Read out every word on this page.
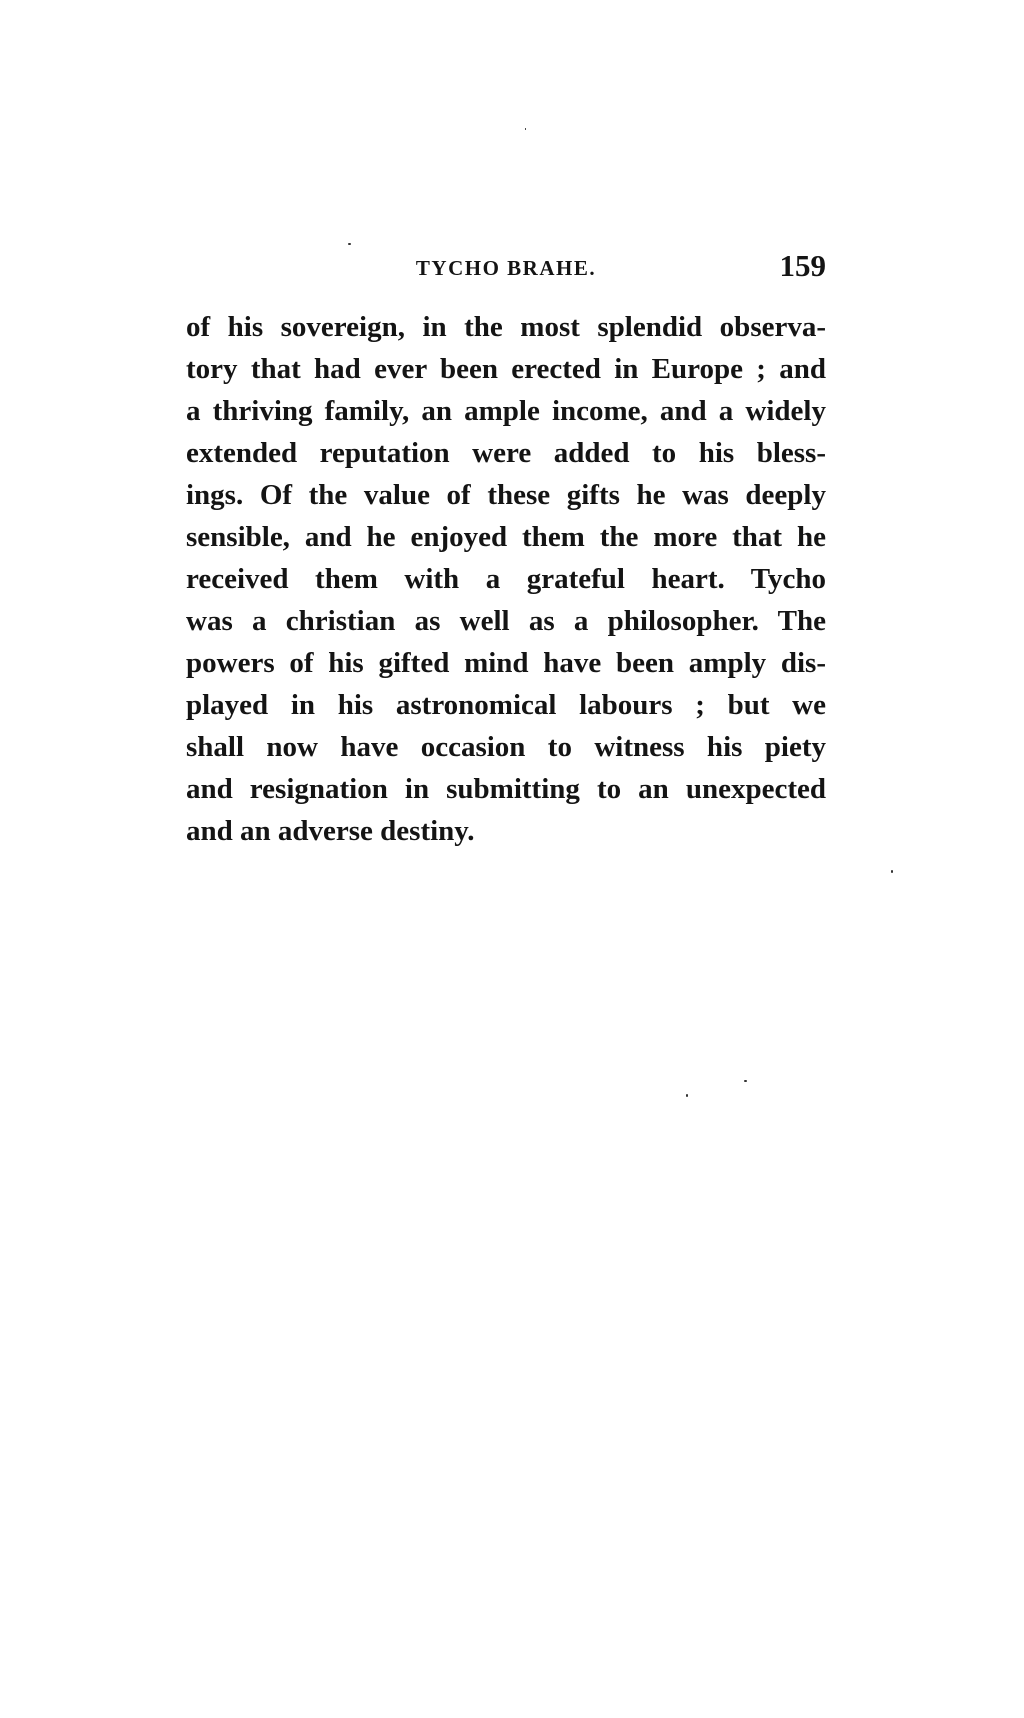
TYCHO BRAHE.	159
of his sovereign, in the most splendid observa-
tory that had ever been erected in Europe ; and
a thriving family, an ample income, and a widely
extended reputation were added to his bless-
ings. Of the value of these gifts he was deeply
sensible, and he enjoyed them the more that he
received them with a grateful heart. Tycho
was a christian as well as a philosopher. The
powers of his gifted mind have been amply dis-
played in his astronomical labours ; but we
shall now have occasion to witness his piety
and resignation in submitting to an unexpected
and an adverse destiny.
